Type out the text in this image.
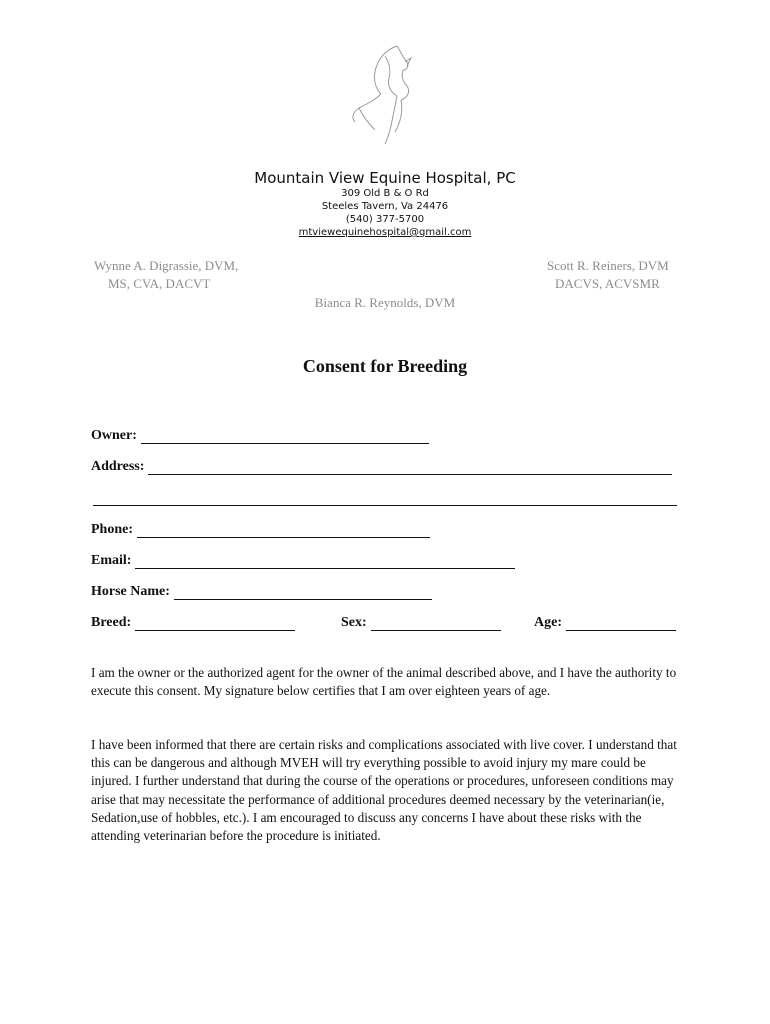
Mountain View Equine Hospital, PC
309 Old B & O Rd
Steeles Tavern, Va 24476
(540) 377-5700
mtviewequinehospital@gmail.com
Wynne A. Digrassie, DVM,
MS, CVA, DACVT
Scott R. Reiners, DVM
DACVS, ACVSMR
Bianca R. Reynolds, DVM
Consent for Breeding
Owner:
Address:
Phone:
Email:
Horse Name:
Breed:	Sex:	Age:
I am the owner or the authorized agent for the owner of the animal described above, and I have the authority to execute this consent. My signature below certifies that I am over eighteen years of age.
I have been informed that there are certain risks and complications associated with live cover. I understand that this can be dangerous and although MVEH will try everything possible to avoid injury my mare could be injured. I further understand that during the course of the operations or procedures, unforeseen conditions may arise that may necessitate the performance of additional procedures deemed necessary by the veterinarian(ie, Sedation,use of hobbles, etc.). I am encouraged to discuss any concerns I have about these risks with the attending veterinarian before the procedure is initiated.
